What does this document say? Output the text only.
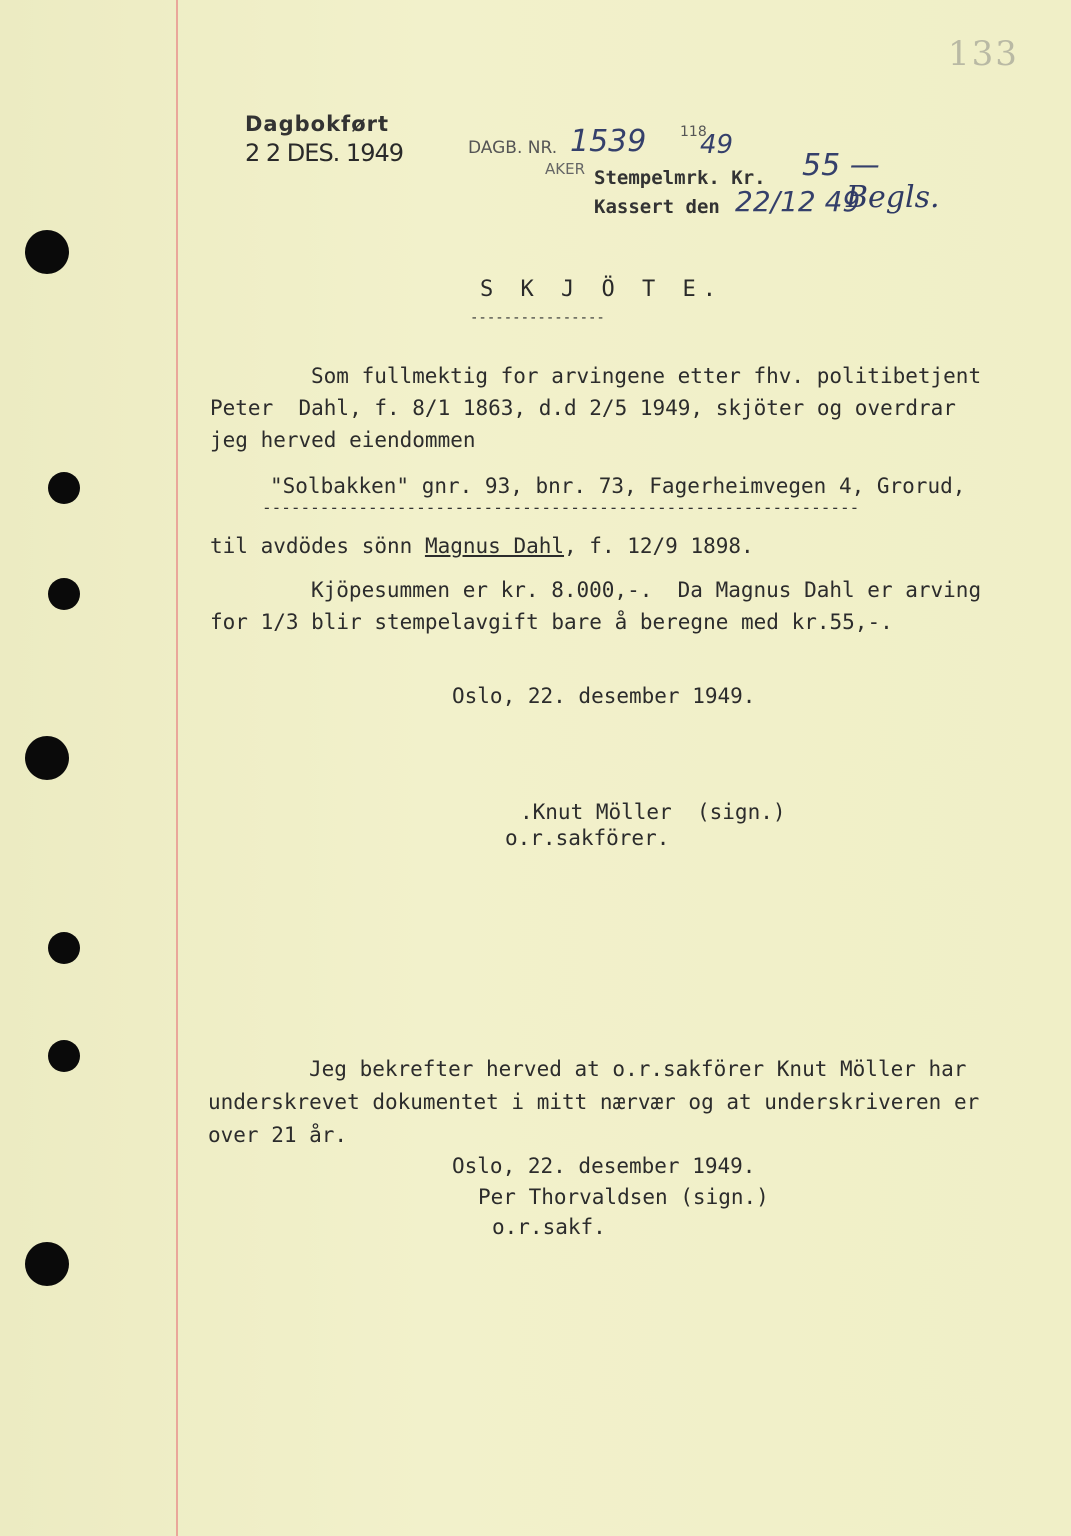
133
Dagbokført
2 2 DES. 1949	DAGB. NR. 1539 118
49
AKER Stempelmrk. Kr. 55 —
Kassert den 22/12 49
Begls.
S K J Ö T E.
----------------
Som fullmektig for arvingene etter fhv. politibetjent
Peter  Dahl, f. 8/1 1863, d.d 2/5 1949, skjöter og overdrar
jeg herved eiendommen
"Solbakken" gnr. 93, bnr. 73, Fagerheimvegen 4, Grorud,
--------------------------------------------------------------
til avdödes sönn Magnus Dahl, f. 12/9 1898.
Kjöpesummen er kr. 8.000,-.  Da Magnus Dahl er arving
for 1/3 blir stempelavgift bare å beregne med kr.55,-.
Oslo, 22. desember 1949.
.Knut Möller  (sign.)
o.r.sakförer.
Jeg bekrefter herved at o.r.sakförer Knut Möller har
underskrevet dokumentet i mitt nærvær og at underskriveren er
over 21 år.
Oslo, 22. desember 1949.
Per Thorvaldsen (sign.)
o.r.sakf.
